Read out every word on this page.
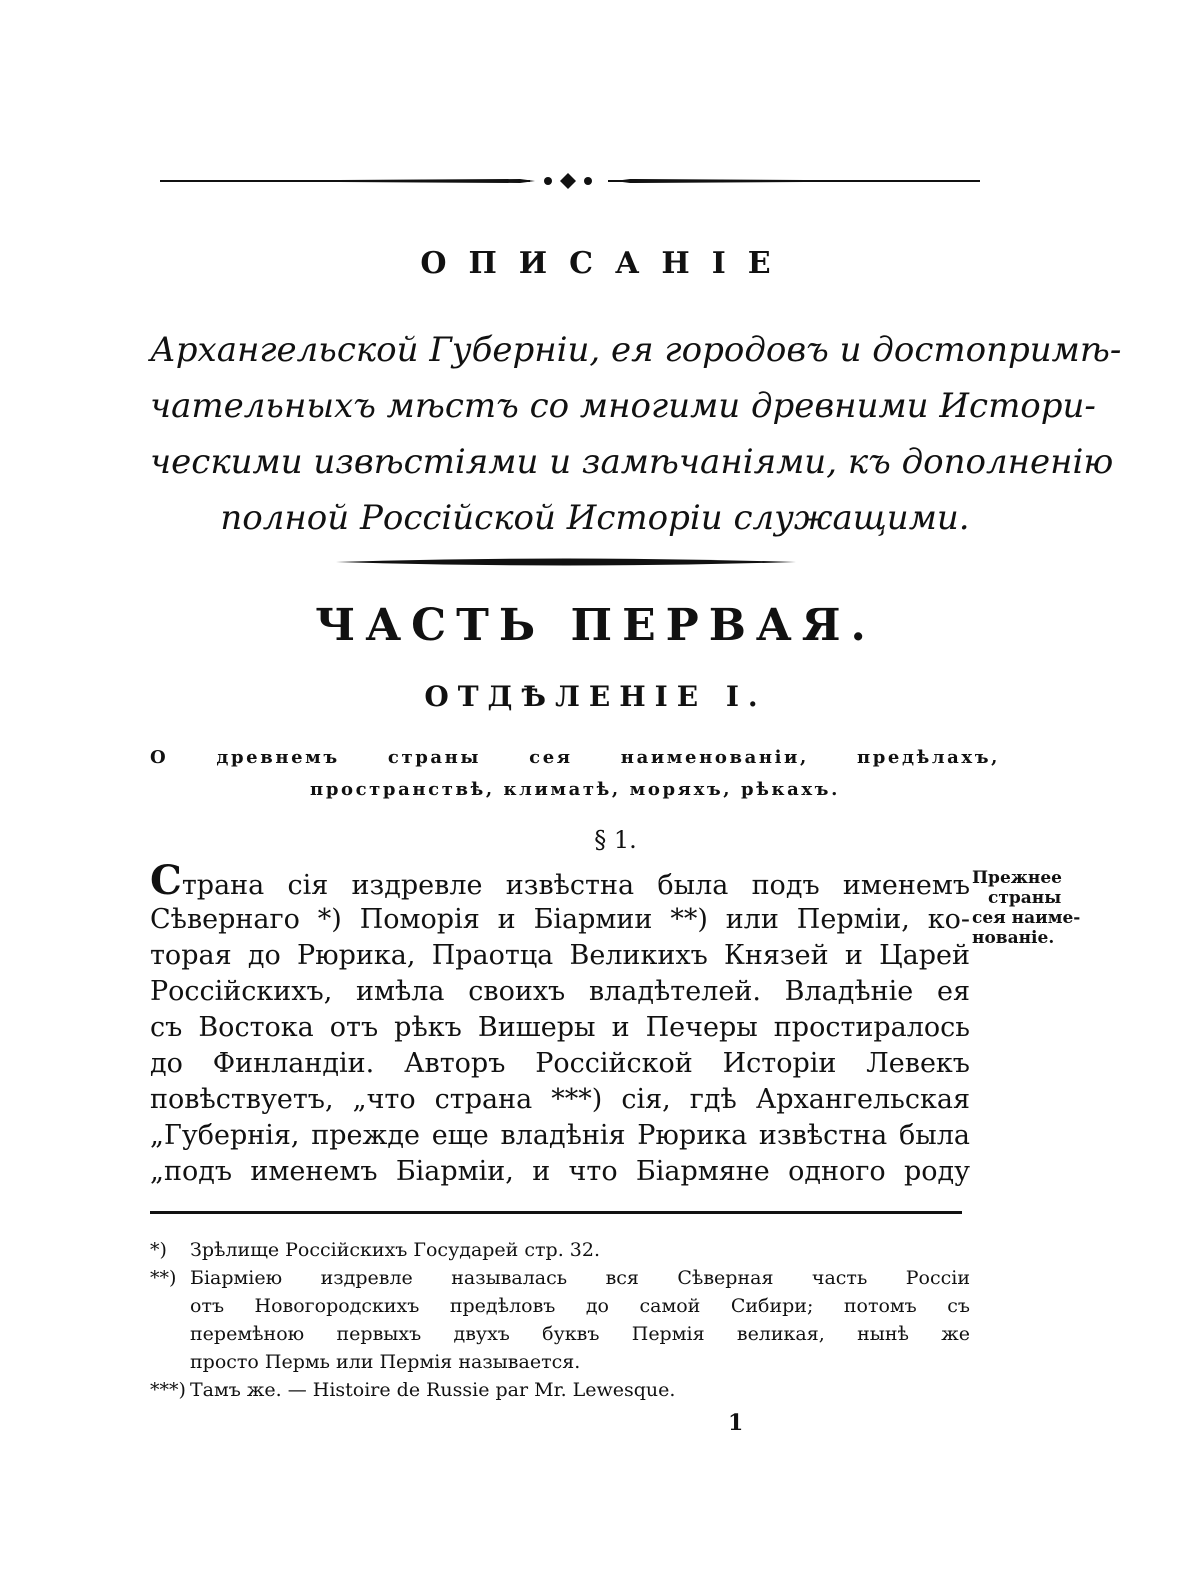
ОПИСАНІЕ
Архангельской Губерніи, ея городовъ и достопримѣ-
чательныхъ мѣстъ со многими древними Истори-
ческими извѣстіями и замѣчаніями, къ дополненію
полной Россійской Исторіи служащими.
ЧАСТЬ ПЕРВАЯ.
ОТДѢЛЕНІЕ I.
О древнемъ страны сея наименованіи, предѣлахъ,
пространствѣ, климатѣ, моряхъ, рѣкахъ.
§ 1.
Страна сія издревле извѣстна была подъ именемъ
Сѣвернаго *) Поморія и Біармии **) или Перміи, ко-
торая до Рюрика, Праотца Великихъ Князей и Царей
Россійскихъ, имѣла своихъ владѣтелей. Владѣніе ея
съ Востока отъ рѣкъ Вишеры и Печеры простиралось
до Финландіи. Авторъ Россійской Исторіи Левекъ
повѣствуетъ, „что страна ***) сія, гдѣ Архангельская
„Губернія, прежде еще владѣнія Рюрика извѣстна была
„подъ именемъ Біарміи, и что Біармяне одного роду
Прежнее
страны
сея наиме-
нованіе.
*) Зрѣлище Россійскихъ Государей стр. 32.
**) Біарміею издревле называлась вся Сѣверная часть Россіи
отъ Новогородскихъ предѣловъ до самой Сибири; потомъ съ
перемѣною первыхъ двухъ буквъ Пермія великая, нынѣ же
просто Пермь или Пермія называется.
***) Тамъ же. — Histoire de Russie par Mr. Lewesque.
1
